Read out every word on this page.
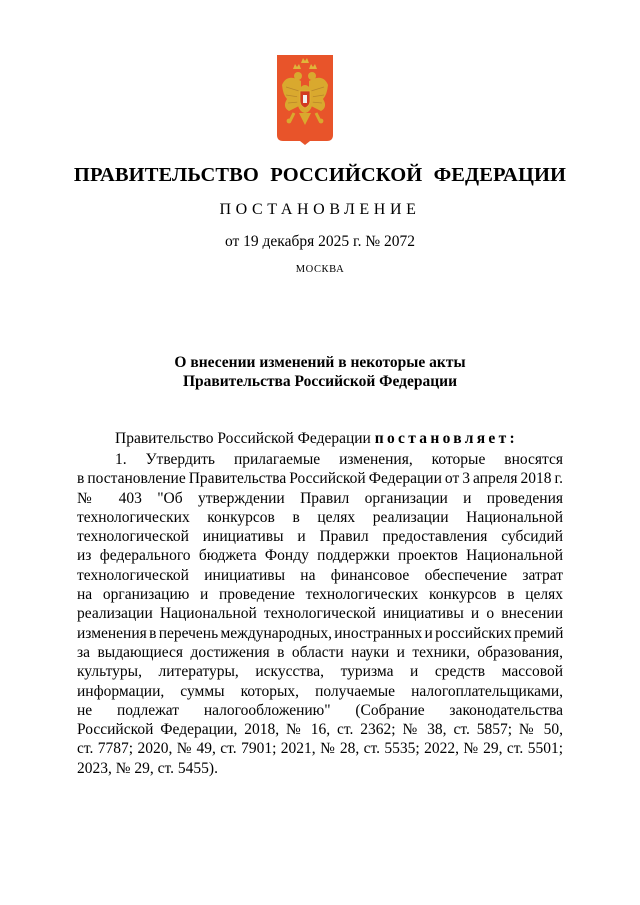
ПРАВИТЕЛЬСТВО РОССИЙСКОЙ ФЕДЕРАЦИИ
ПОСТАНОВЛЕНИЕ
от 19 декабря 2025 г. № 2072
МОСКВА
О внесении изменений в некоторые акты
Правительства Российской Федерации
Правительство Российской Федерации постановляет:
1. Утвердить прилагаемые изменения, которые вносятся
в постановление Правительства Российской Федерации от 3 апреля 2018 г.
№ 403 "Об утверждении Правил организации и проведения
технологических конкурсов в целях реализации Национальной
технологической инициативы и Правил предоставления субсидий
из федерального бюджета Фонду поддержки проектов Национальной
технологической инициативы на финансовое обеспечение затрат
на организацию и проведение технологических конкурсов в целях
реализации Национальной технологической инициативы и о внесении
изменения в перечень международных, иностранных и российских премий
за выдающиеся достижения в области науки и техники, образования,
культуры, литературы, искусства, туризма и средств массовой
информации, суммы которых, получаемые налогоплательщиками,
не подлежат налогообложению" (Собрание законодательства
Российской Федерации, 2018, № 16, ст. 2362; № 38, ст. 5857; № 50,
ст. 7787; 2020, № 49, ст. 7901; 2021, № 28, ст. 5535; 2022, № 29, ст. 5501;
2023, № 29, ст. 5455).
